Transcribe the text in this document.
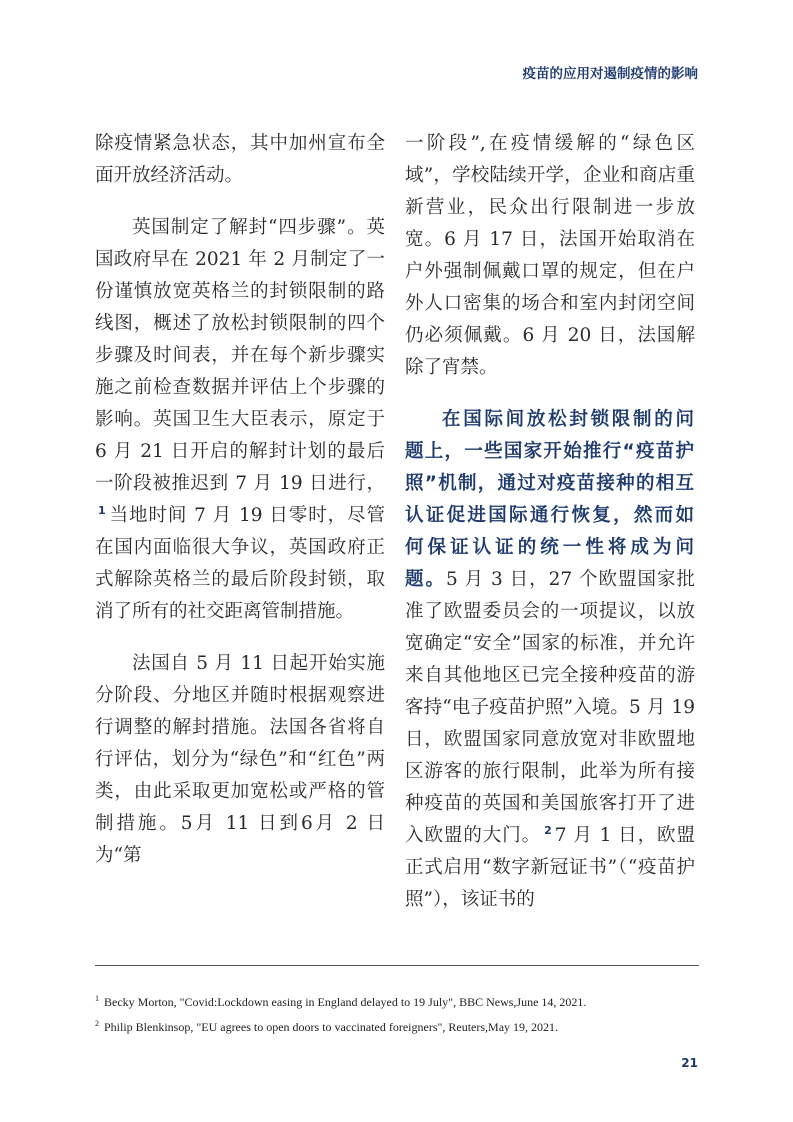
疫苗的应用对遏制疫情的影响

除疫情紧急状态，其中加州宣布全面开放经济活动。

英国制定了解封“四步骤”。英国政府早在 2021 年 2 月制定了一份谨慎放宽英格兰的封锁限制的路线图，概述了放松封锁限制的四个步骤及时间表，并在每个新步骤实施之前检查数据并评估上个步骤的影响。英国卫生大臣表示，原定于 6 月 21 日开启的解封计划的最后一阶段被推迟到 7 月 19 日进行，$^1$ 当地时间 7 月 19 日零时，尽管在国内面临很大争议，英国政府正式解除英格兰的最后阶段封锁，取消了所有的社交距离管制措施。

法国自 5 月 11 日起开始实施分阶段、分地区并随时根据观察进行调整的解封措施。法国各省将自行评估，划分为“绿色”和“红色”两类，由此采取更加宽松或严格的管制措施。5月 11 日到6月 2 日为“第

一阶段”,在疫情缓解的“绿色区域”，学校陆续开学，企业和商店重新营业，民众出行限制进一步放宽。6 月 17 日，法国开始取消在户外强制佩戴口罩的规定，但在户外人口密集的场合和室内封闭空间仍必须佩戴。6 月 20 日，法国解除了宵禁。

在国际间放松封锁限制的问题上，一些国家开始推行“疫苗护照”机制，通过对疫苗接种的相互认证促进国际通行恢复，然而如何保证认证的统一性将成为问题。5 月 3 日，27 个欧盟国家批准了欧盟委员会的一项提议，以放宽确定“安全”国家的标准，并允许来自其他地区已完全接种疫苗的游客持“电子疫苗护照”入境。5 月 19 日，欧盟国家同意放宽对非欧盟地区游客的旅行限制，此举为所有接种疫苗的英国和美国旅客打开了进入欧盟的大门。 $^2$ 7 月 1 日，欧盟正式启用“数字新冠证书”（“疫苗护照”），该证书的

$^1$ Becky Morton, "Covid:Lockdown easing in England delayed to 19 July", BBC News,June 14, 2021.
$^2$ Philip Blenkinsop, "EU agrees to open doors to vaccinated foreigners", Reuters,May 19, 2021.
21
